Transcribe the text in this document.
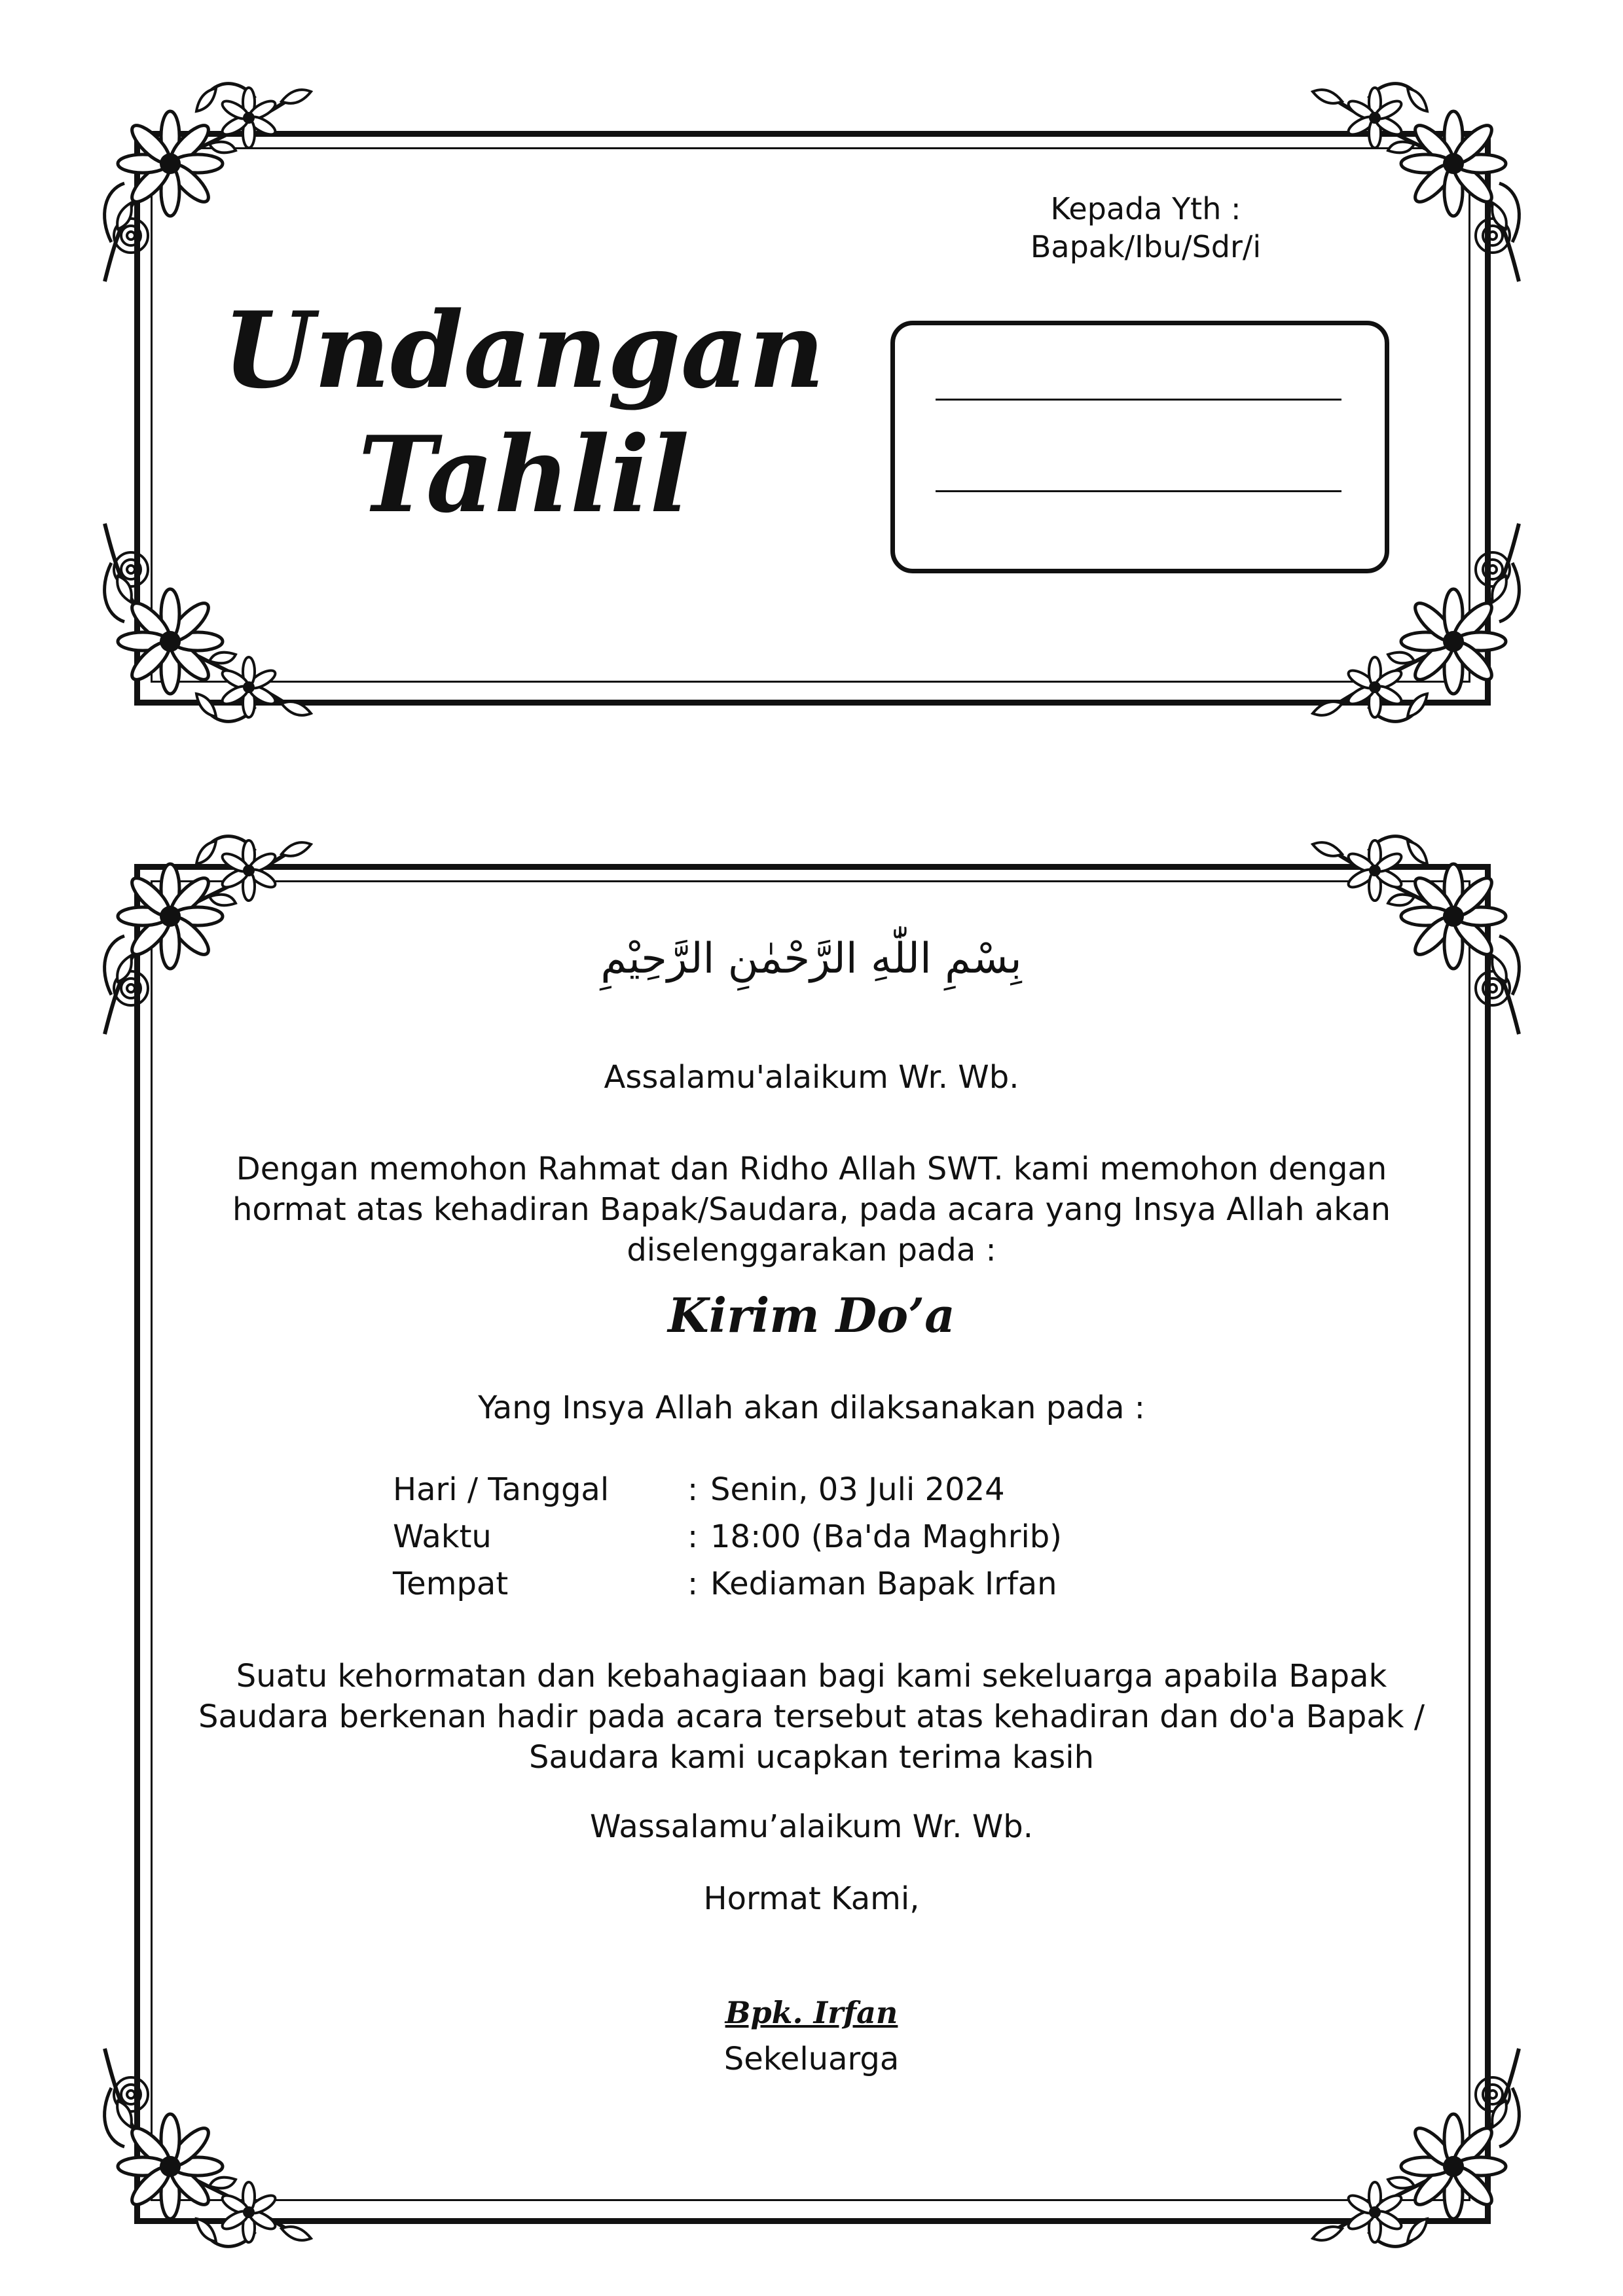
Undangan
Tahlil
Kepada Yth :
Bapak/Ibu/Sdr/i
بِسْمِ اللّٰهِ الرَّحْمٰنِ الرَّحِيْمِ
Assalamu'alaikum Wr. Wb.
Dengan memohon Rahmat dan Ridho Allah SWT. kami memohon dengan
hormat atas kehadiran Bapak/Saudara, pada acara yang Insya Allah akan
diselenggarakan pada :
Kirim Do’a
Yang Insya Allah akan dilaksanakan pada :
Hari / Tanggal : Senin, 03 Juli 2024
Waktu	: 18:00 (Ba'da Maghrib)
Tempat	: Kediaman Bapak Irfan
Suatu kehormatan dan kebahagiaan bagi kami sekeluarga apabila Bapak
Saudara berkenan hadir pada acara tersebut atas kehadiran dan do'a Bapak /
Saudara kami ucapkan terima kasih
Wassalamu’alaikum Wr. Wb.
Hormat Kami,
Bpk. Irfan
Sekeluarga
